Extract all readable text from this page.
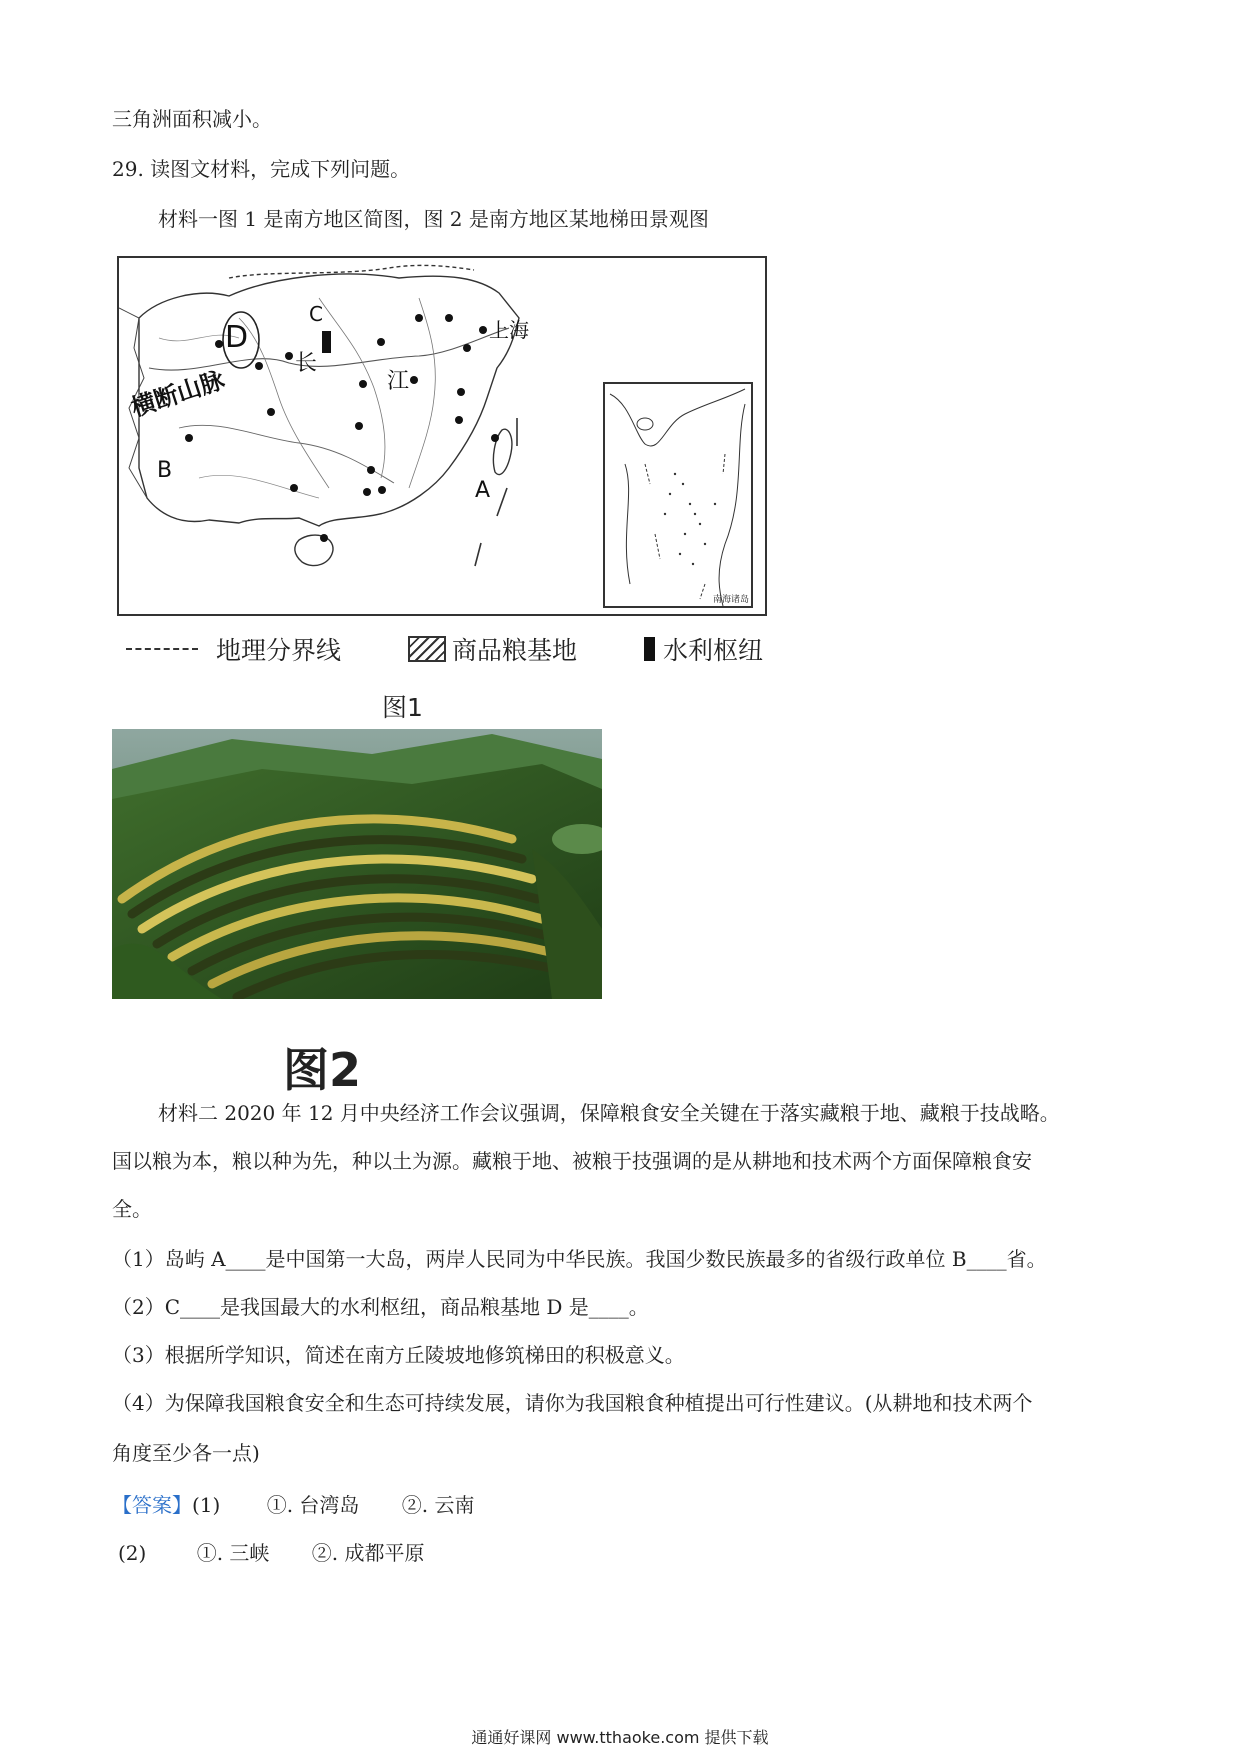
三角洲面积减小。
29. 读图文材料，完成下列问题。
材料一图 1 是南方地区简图，图 2 是南方地区某地梯田景观图
上海
横断山脉
D
C
长
江
B
A
南海诸岛
地理分界线	商品粮基地	水利枢纽
图1
图2
材料二 2020 年 12 月中央经济工作会议强调，保障粮食安全关键在于落实藏粮于地、藏粮于技战略。
国以粮为本，粮以种为先，种以土为源。藏粮于地、被粮于技强调的是从耕地和技术两个方面保障粮食安
全。
（1）岛屿 A____是中国第一大岛，两岸人民同为中华民族。我国少数民族最多的省级行政单位 B____省。
（2）C____是我国最大的水利枢纽，商品粮基地 D 是____。
（3）根据所学知识，简述在南方丘陵坡地修筑梯田的积极意义。
（4）为保障我国粮食安全和生态可持续发展，请你为我国粮食种植提出可行性建议。(从耕地和技术两个
角度至少各一点)
【答案】(1) ①. 台湾岛 ②. 云南
(2)	①. 三峡 ②. 成都平原
通通好课网 www.tthaoke.com 提供下载
